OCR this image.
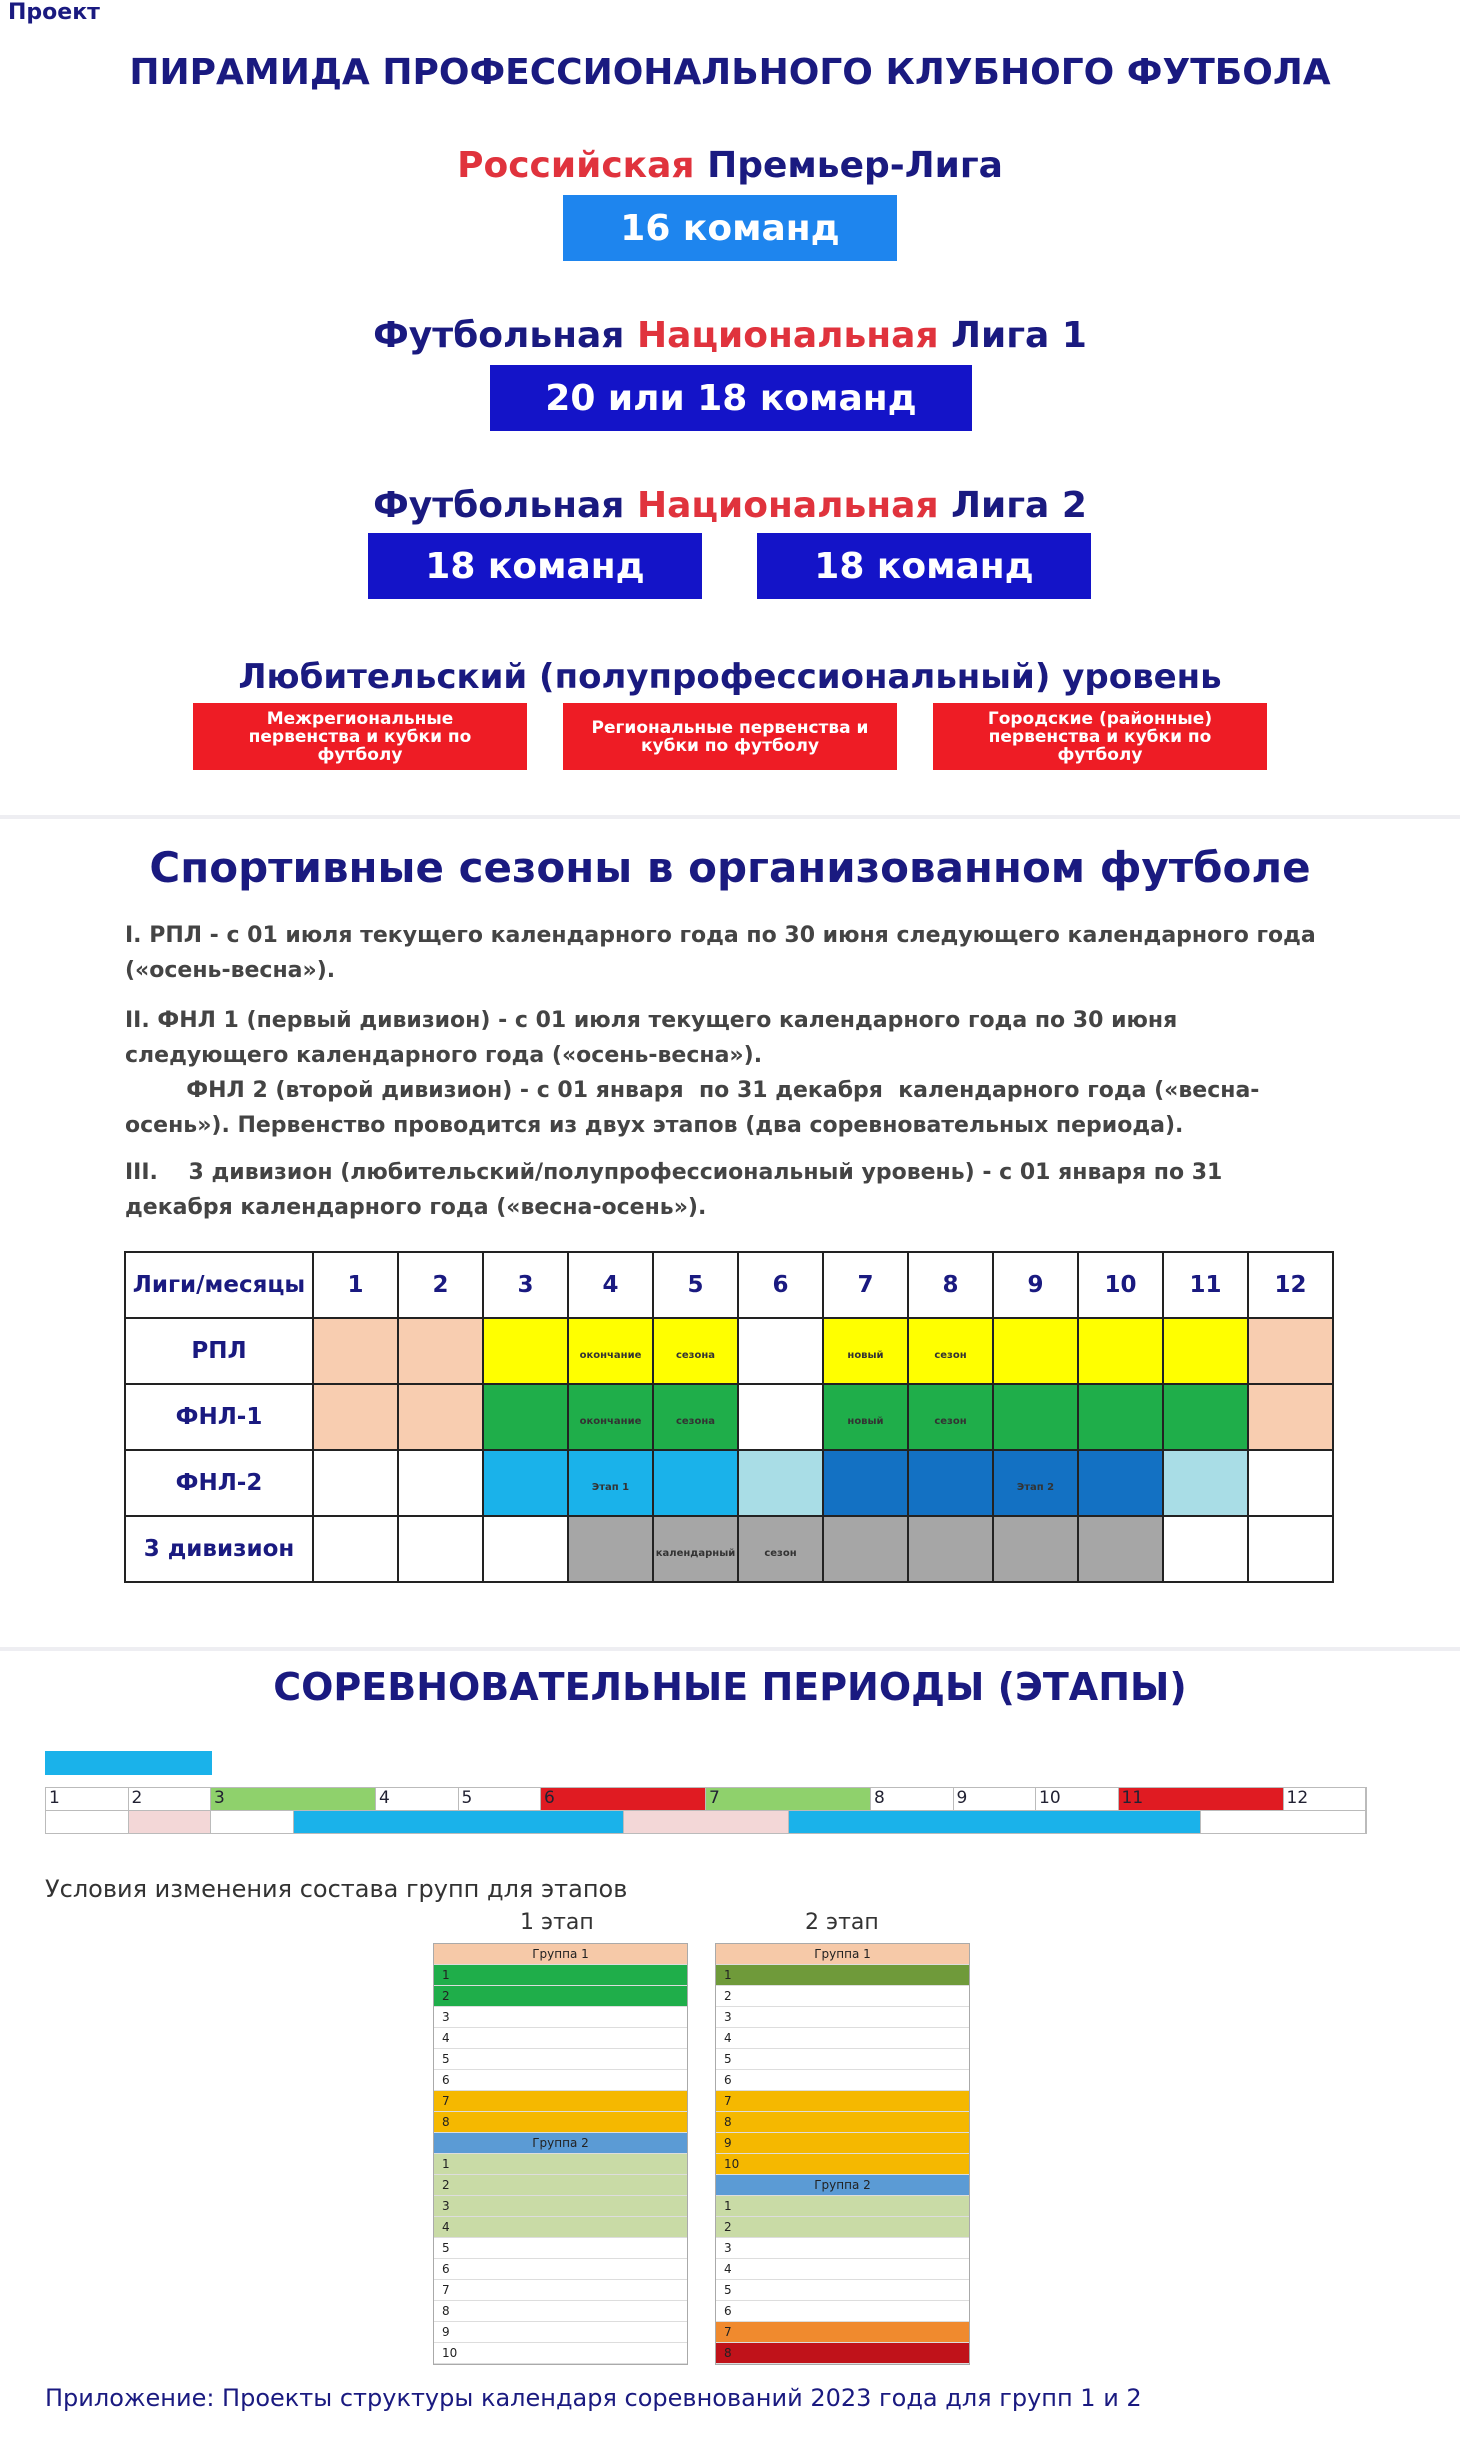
Проект
ПИРАМИДА ПРОФЕССИОНАЛЬНОГО КЛУБНОГО ФУТБОЛА
Российская Премьер-Лига
16 команд
Футбольная Национальная Лига 1
20 или 18 команд
Футбольная Национальная Лига 2
18 команд	18 команд
Любительский (полупрофессиональный) уровень
Межрегиональные первенства и кубки по футболу
Региональные первенства и кубки по футболу
Городские (районные) первенства и кубки по футболу
Спортивные сезоны в организованном футболе
I. РПЛ - с 01 июля текущего календарного года по 30 июня следующего календарного года («осень-весна»).
II. ФНЛ 1 (первый дивизион) - с 01 июля текущего календарного года по 30 июня следующего календарного года («осень-весна»).
ФНЛ 2 (второй дивизион) - с 01 января  по 31 декабря  календарного года («весна-осень»). Первенство проводится из двух этапов (два соревновательных периода).
III.    3 дивизион (любительский/полупрофессиональный уровень) - с 01 января по 31 декабря календарного года («весна-осень»).
Лиги/месяцы	1	2	3	4	5	6	7	8	9	10	11	12
РПЛ				окончание	сезона		новый	сезон				
ФНЛ-1				окончание	сезона		новый	сезон				
ФНЛ-2				Этап 1					Этап 2			
3 дивизион					календарный	сезон						
СОРЕВНОВАТЕЛЬНЫЕ ПЕРИОДЫ (ЭТАПЫ)
1	2	3	4	5	6	7	8	9	10	11	12
Условия изменения состава групп для этапов
1 этап	2 этап
Группа 1
1
2
3
4
5
6
7
8
Группа 2
1
2
3
4
5
6
7
8
9
10
Группа 1
1
2
3
4
5
6
7
8
9
10
Группа 2
1
2
3
4
5
6
7
8
Приложение: Проекты структуры календаря соревнований 2023 года для групп 1 и 2
